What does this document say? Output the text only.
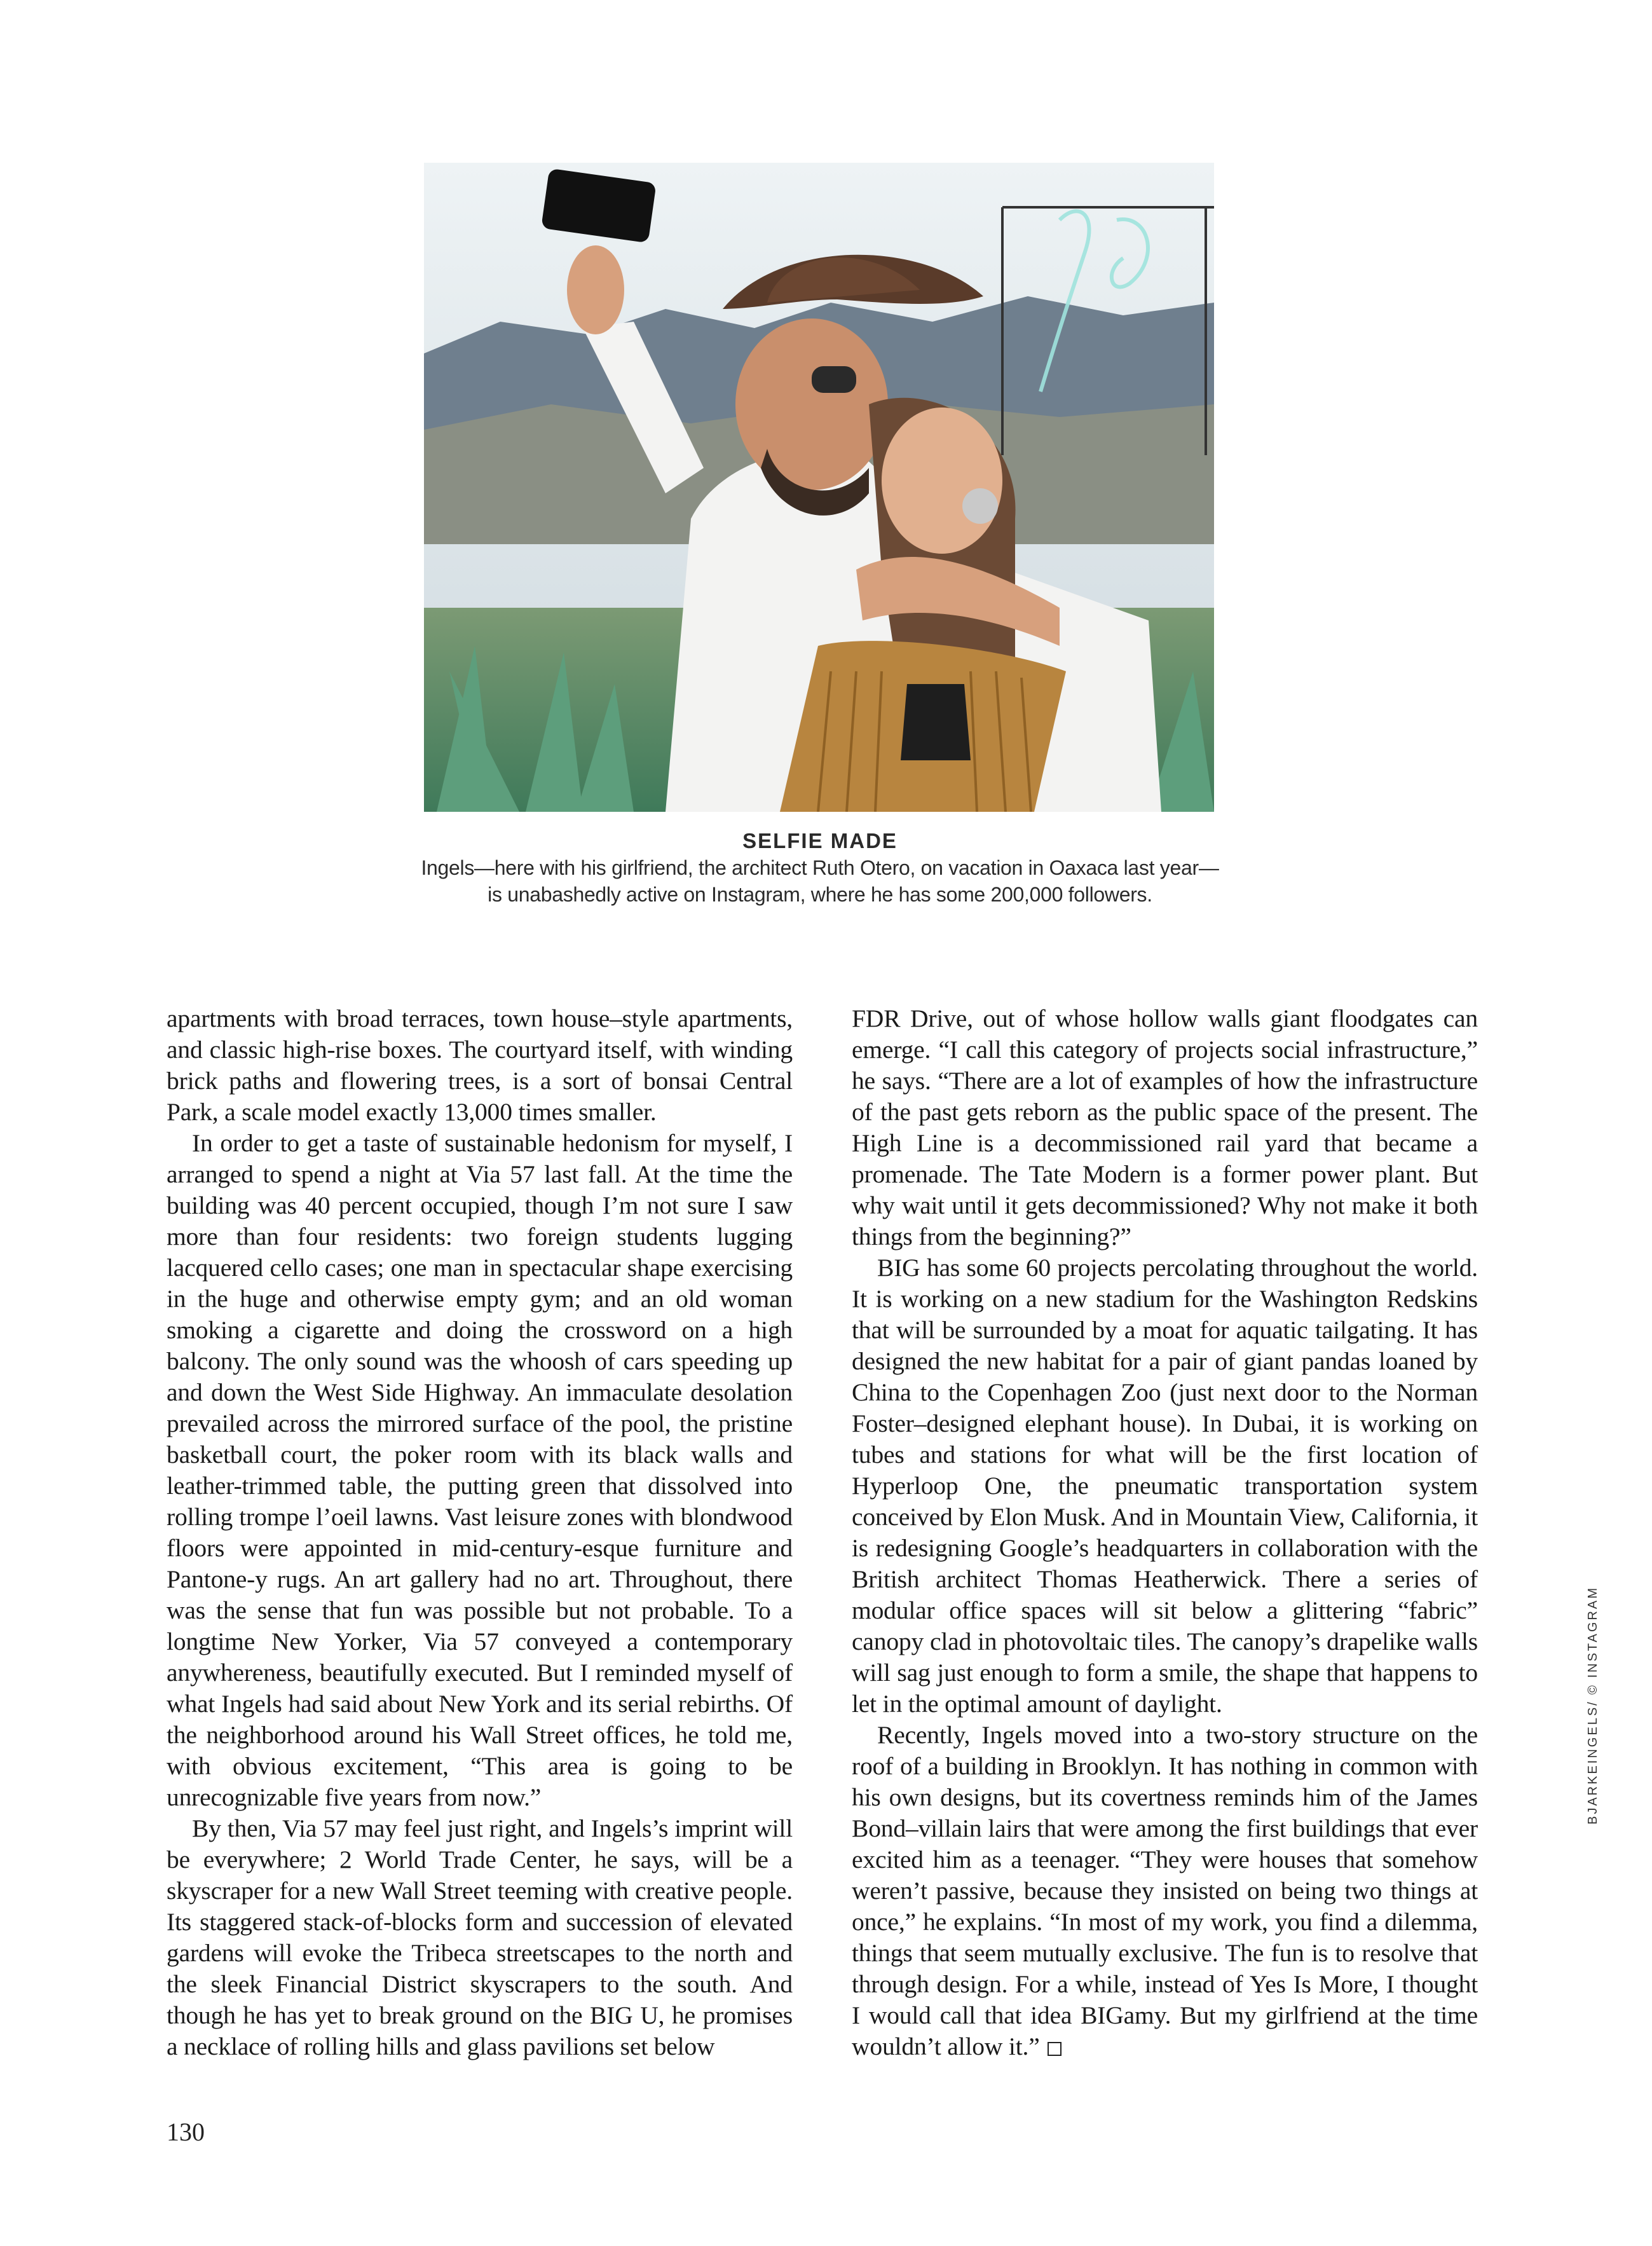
SELFIE MADE
Ingels—here with his girlfriend, the architect Ruth Otero, on vacation in Oaxaca last year—
is unabashedly active on Instagram, where he has some 200,000 followers.

apartments with broad terraces, town house–style apartments, and classic high-rise boxes. The courtyard itself, with winding brick paths and flowering trees, is a sort of bonsai Central Park, a scale model exactly 13,000 times smaller.

In order to get a taste of sustainable hedonism for myself, I arranged to spend a night at Via 57 last fall. At the time the building was 40 percent occupied, though I’m not sure I saw more than four residents: two foreign students lugging lacquered cello cases; one man in spectacular shape exercising in the huge and otherwise empty gym; and an old woman smoking a cigarette and doing the crossword on a high balcony. The only sound was the whoosh of cars speeding up and down the West Side Highway. An immaculate desolation prevailed across the mirrored surface of the pool, the pristine basketball court, the poker room with its black walls and leather-trimmed table, the putting green that dissolved into rolling trompe l’oeil lawns. Vast leisure zones with blondwood floors were appointed in mid-century-esque furniture and Pantone-y rugs. An art gallery had no art. Throughout, there was the sense that fun was possible but not probable. To a longtime New Yorker, Via 57 conveyed a contemporary anywhereness, beautifully executed. But I reminded myself of what Ingels had said about New York and its serial rebirths. Of the neighborhood around his Wall Street offices, he told me, with obvious excitement, “This area is going to be unrecognizable five years from now.”

By then, Via 57 may feel just right, and Ingels’s imprint will be everywhere; 2 World Trade Center, he says, will be a skyscraper for a new Wall Street teeming with creative people. Its staggered stack-of-blocks form and succession of elevated gardens will evoke the Tribeca streetscapes to the north and the sleek Financial District skyscrapers to the south. And though he has yet to break ground on the BIG U, he promises a necklace of rolling hills and glass pavilions set below

FDR Drive, out of whose hollow walls giant floodgates can emerge. “I call this category of projects social infrastructure,” he says. “There are a lot of examples of how the infrastructure of the past gets reborn as the public space of the present. The High Line is a decommissioned rail yard that became a promenade. The Tate Modern is a former power plant. But why wait until it gets decommissioned? Why not make it both things from the beginning?”

BIG has some 60 projects percolating throughout the world. It is working on a new stadium for the Washington Redskins that will be surrounded by a moat for aquatic tailgating. It has designed the new habitat for a pair of giant pandas loaned by China to the Copenhagen Zoo (just next door to the Norman Foster–designed elephant house). In Dubai, it is working on tubes and stations for what will be the first location of Hyperloop One, the pneumatic transportation system conceived by Elon Musk. And in Mountain View, California, it is redesigning Google’s headquarters in collaboration with the British architect Thomas Heatherwick. There a series of modular office spaces will sit below a glittering “fabric” canopy clad in photovoltaic tiles. The canopy’s drapelike walls will sag just enough to form a smile, the shape that happens to let in the optimal amount of daylight.

Recently, Ingels moved into a two-story structure on the roof of a building in Brooklyn. It has nothing in common with his own designs, but its covertness reminds him of the James Bond–villain lairs that were among the first buildings that ever excited him as a teenager. “They were houses that somehow weren’t passive, because they insisted on being two things at once,” he explains. “In most of my work, you find a dilemma, things that seem mutually exclusive. The fun is to resolve that through design. For a while, instead of Yes Is More, I thought I would call that idea BIGamy. But my girlfriend at the time wouldn’t allow it.”

130
BJARKEINGELS/ © INSTAGRAM
